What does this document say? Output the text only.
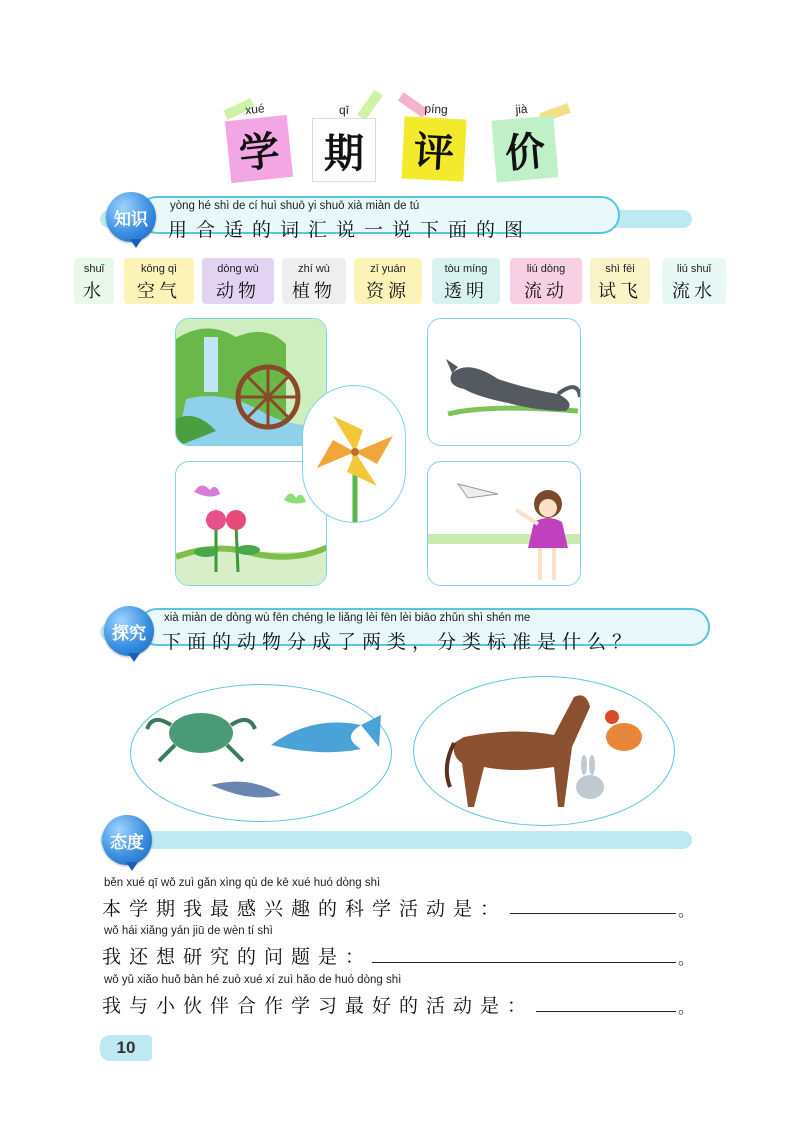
xué
学
qī
期
píng
评
jià
价
知识
yòng hé shì de cí huì shuō yi shuō xià miàn de tú
用合适的词汇说一说下面的图
shuǐ
水
kōng qì
空气
dòng wù
动物
zhí wù
植物
zī yuán
资源
tòu míng
透明
liú dòng
流动
shì fēi
试飞
liú shuǐ
流水
探究
xià miàn de dòng wù fēn chéng le liǎng lèi fēn lèi biāo zhǔn shì shén me
下面的动物分成了两类，分类标准是什么？
态度
běn xué qī wǒ zuì gǎn xìng qù de kē xué huó dòng shì
本学期我最感兴趣的科学活动是：	。
wǒ hái xiǎng yán jiū de wèn tí shì
我还想研究的问题是：	。
wǒ yǔ xiǎo huǒ bàn hé zuò xué xí zuì hǎo de huó dòng shì
我与小伙伴合作学习最好的活动是：	。
10
